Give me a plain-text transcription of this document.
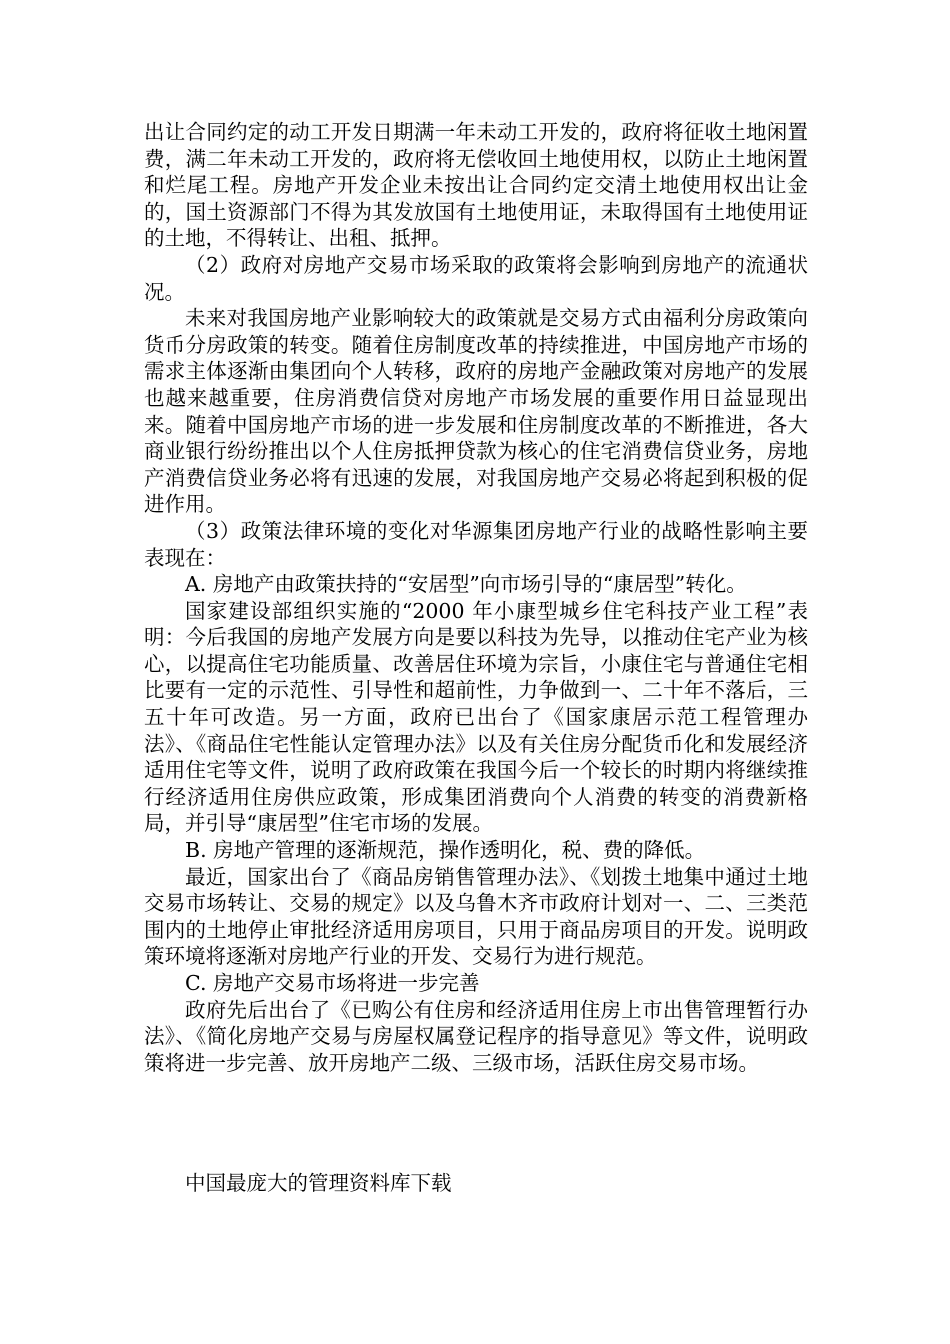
出让合同约定的动工开发日期满一年未动工开发的，政府将征收土地闲置费，满二年未动工开发的，政府将无偿收回土地使用权，以防止土地闲置和烂尾工程。房地产开发企业未按出让合同约定交清土地使用权出让金的，国土资源部门不得为其发放国有土地使用证，未取得国有土地使用证的土地，不得转让、出租、抵押。

（2）政府对房地产交易市场采取的政策将会影响到房地产的流通状况。

未来对我国房地产业影响较大的政策就是交易方式由福利分房政策向货币分房政策的转变。随着住房制度改革的持续推进，中国房地产市场的需求主体逐渐由集团向个人转移，政府的房地产金融政策对房地产的发展也越来越重要，住房消费信贷对房地产市场发展的重要作用日益显现出来。随着中国房地产市场的进一步发展和住房制度改革的不断推进，各大商业银行纷纷推出以个人住房抵押贷款为核心的住宅消费信贷业务，房地产消费信贷业务必将有迅速的发展，对我国房地产交易必将起到积极的促进作用。

（3）政策法律环境的变化对华源集团房地产行业的战略性影响主要表现在：

A. 房地产由政策扶持的“安居型”向市场引导的“康居型”转化。

国家建设部组织实施的“2000 年小康型城乡住宅科技产业工程”表明：今后我国的房地产发展方向是要以科技为先导，以推动住宅产业为核心，以提高住宅功能质量、改善居住环境为宗旨，小康住宅与普通住宅相比要有一定的示范性、引导性和超前性，力争做到一、二十年不落后，三五十年可改造。另一方面，政府已出台了《国家康居示范工程管理办法》、《商品住宅性能认定管理办法》以及有关住房分配货币化和发展经济适用住宅等文件，说明了政府政策在我国今后一个较长的时期内将继续推行经济适用住房供应政策，形成集团消费向个人消费的转变的消费新格局，并引导“康居型”住宅市场的发展。

B. 房地产管理的逐渐规范，操作透明化，税、费的降低。

最近，国家出台了《商品房销售管理办法》、《划拨土地集中通过土地交易市场转让、交易的规定》以及乌鲁木齐市政府计划对一、二、三类范围内的土地停止审批经济适用房项目，只用于商品房项目的开发。说明政策环境将逐渐对房地产行业的开发、交易行为进行规范。

C. 房地产交易市场将进一步完善

政府先后出台了《已购公有住房和经济适用住房上市出售管理暂行办法》、《简化房地产交易与房屋权属登记程序的指导意见》等文件，说明政策将进一步完善、放开房地产二级、三级市场，活跃住房交易市场。

中国最庞大的管理资料库下载
